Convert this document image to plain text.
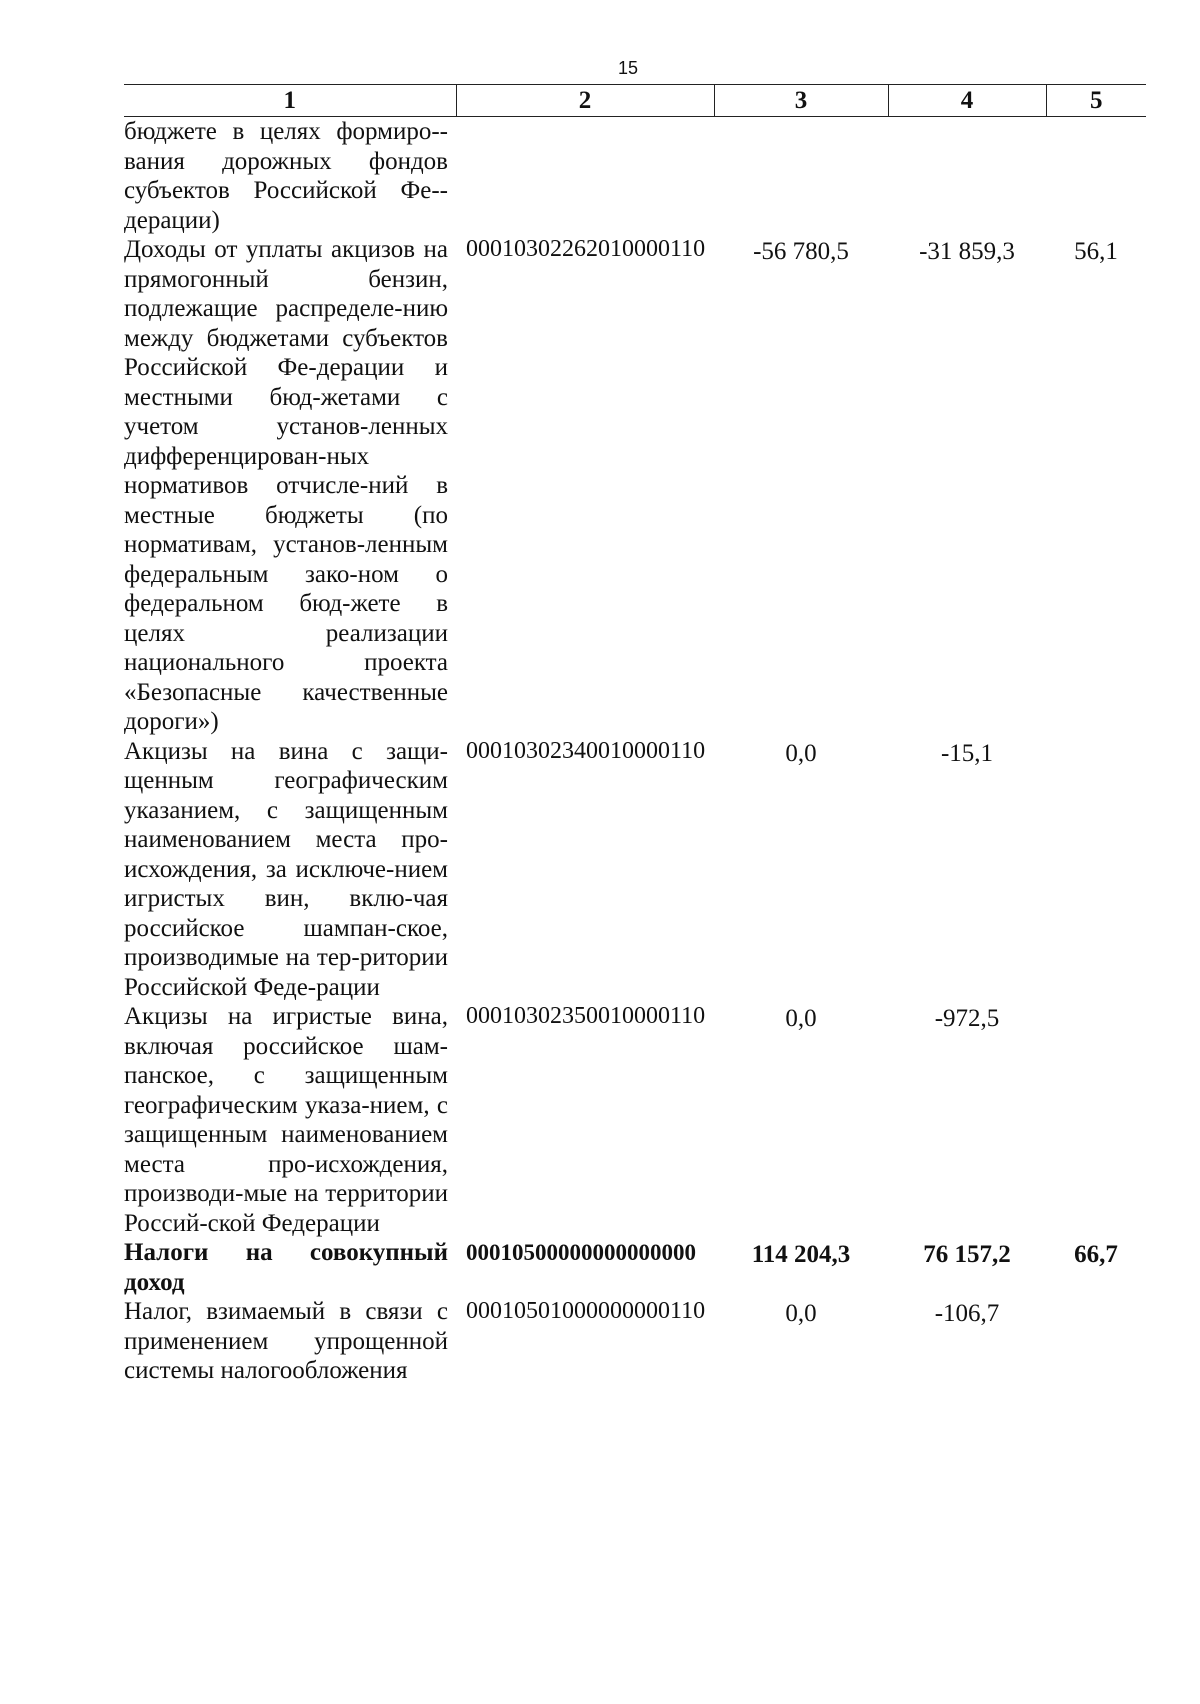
15
1	2	3	4	5
бюджете в целях формиро-вания дорожных фондов субъектов Российской Фе-дерации)				
Доходы от уплаты акцизов на прямогонный бензин, подлежащие распределе-нию между бюджетами субъектов Российской Фе-дерации и местными бюд-жетами с учетом установ-ленных дифференцирован-ных нормативов отчисле-ний в местные бюджеты (по нормативам, установ-ленным федеральным зако-ном о федеральном бюд-жете в целях реализации национального проекта «Безопасные качественные дороги»)	00010302262010000110	-56 780,5	-31 859,3	56,1
Акцизы на вина с защи-щенным географическим указанием, с защищенным наименованием места про-исхождения, за исключе-нием игристых вин, вклю-чая российское шампан-ское, производимые на тер-ритории Российской Феде-рации	00010302340010000110	0,0	-15,1	
Акцизы на игристые вина, включая российское шам-панское, с защищенным географическим указа-нием, с защищенным наименованием места про-исхождения, производи-мые на территории Россий-ской Федерации	00010302350010000110	0,0	-972,5	
Налоги на совокупный доход	00010500000000000000	114 204,3	76 157,2	66,7
Налог, взимаемый в связи с применением упрощенной системы налогообложения	00010501000000000110	0,0	-106,7	
